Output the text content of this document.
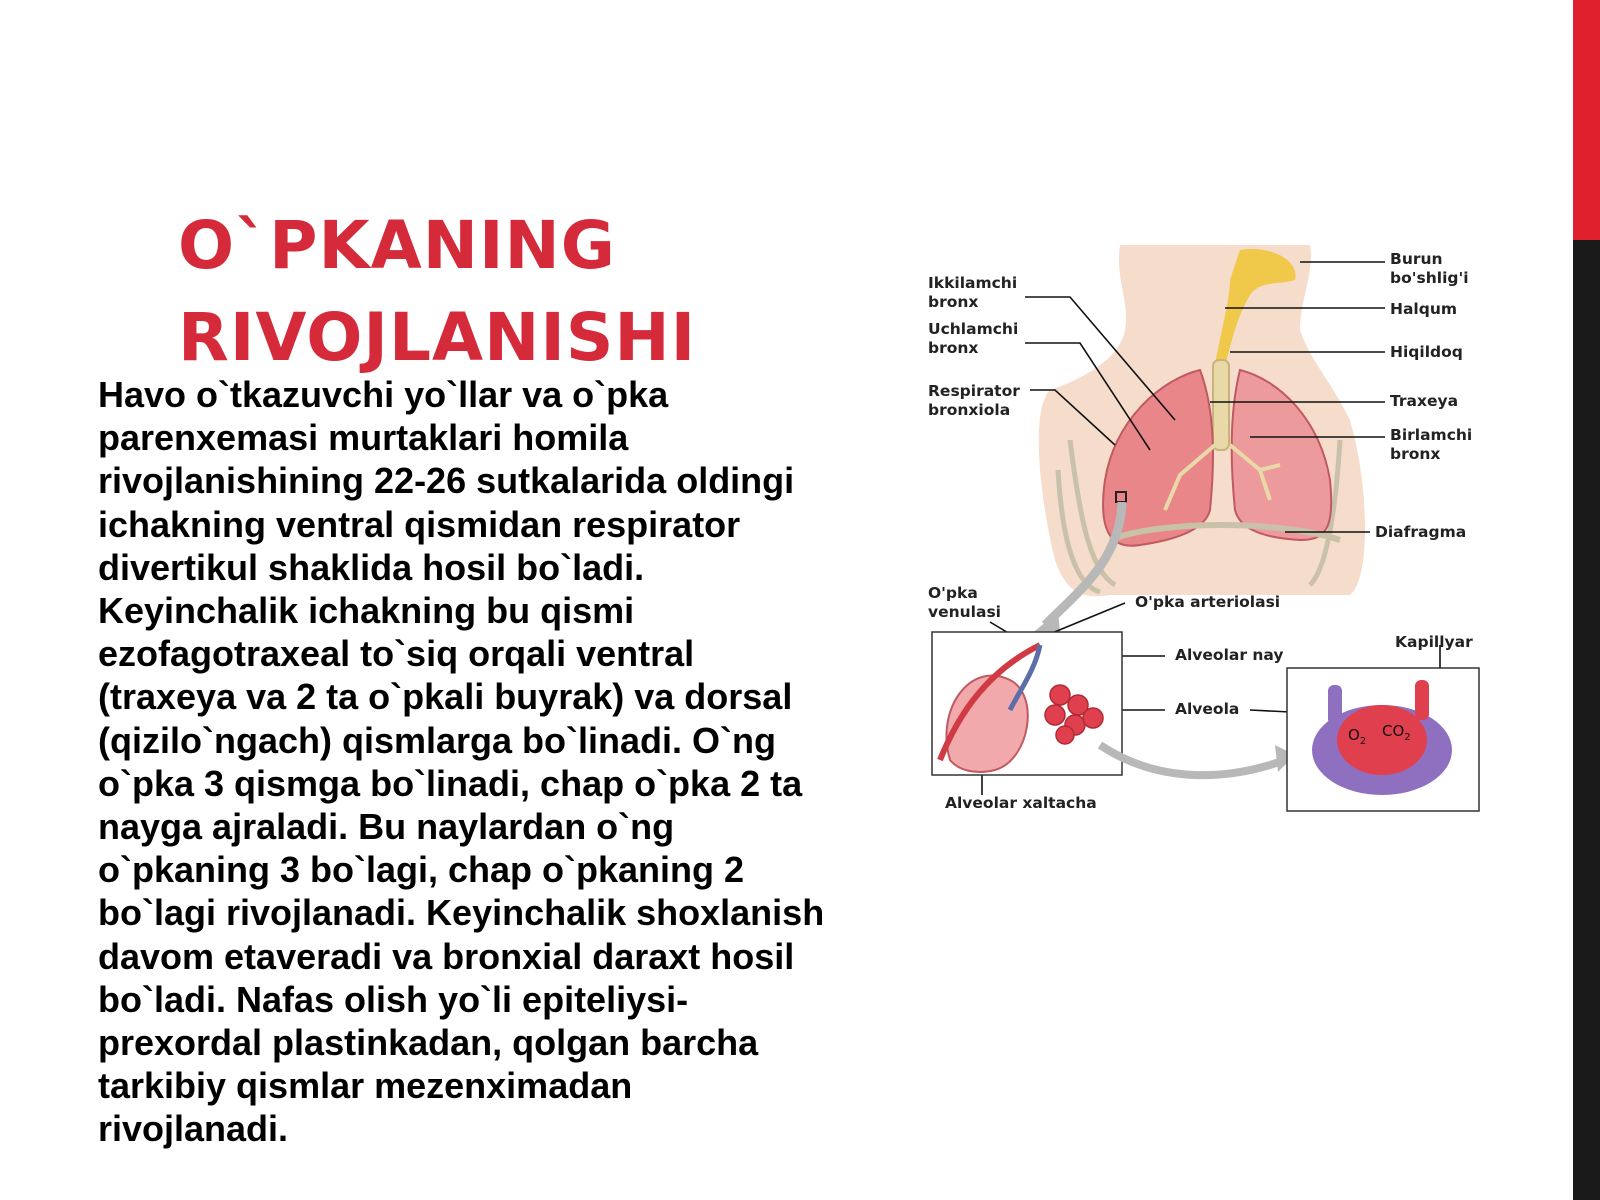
O`PKANING
RIVOJLANISHI
Havo o`tkazuvchi yo`llar va o`pka
parenxemasi murtaklari homila
rivojlanishining 22-26 sutkalarida oldingi
ichakning ventral qismidan respirator
divertikul shaklida hosil bo`ladi.
Keyinchalik ichakning bu qismi
ezofagotraxeal to`siq orqali ventral
(traxeya va 2 ta o`pkali buyrak) va dorsal
(qizilo`ngach) qismlarga bo`linadi. O`ng
o`pka 3 qismga bo`linadi, chap o`pka 2 ta
nayga ajraladi. Bu naylardan o`ng
o`pkaning 3 bo`lagi, chap o`pkaning 2
bo`lagi rivojlanadi. Keyinchalik shoxlanish
davom etaveradi va bronxial daraxt hosil
bo`ladi. Nafas olish yo`li epiteliysi-
prexordal plastinkadan, qolgan barcha
tarkibiy qismlar mezenximadan
rivojlanadi.
$O_2$
$CO_2$
Ikkilamchi
bronx
Uchlamchi
bronx
Respirator
bronxiola
Burun
bo'shlig'i
Halqum
Hiqildoq
Traxeya
Birlamchi
bronx
Diafragma
O'pka
venulasi
O'pka arteriolasi
Alveolar nay
Kapillyar
Alveola
Alveolar xaltacha
